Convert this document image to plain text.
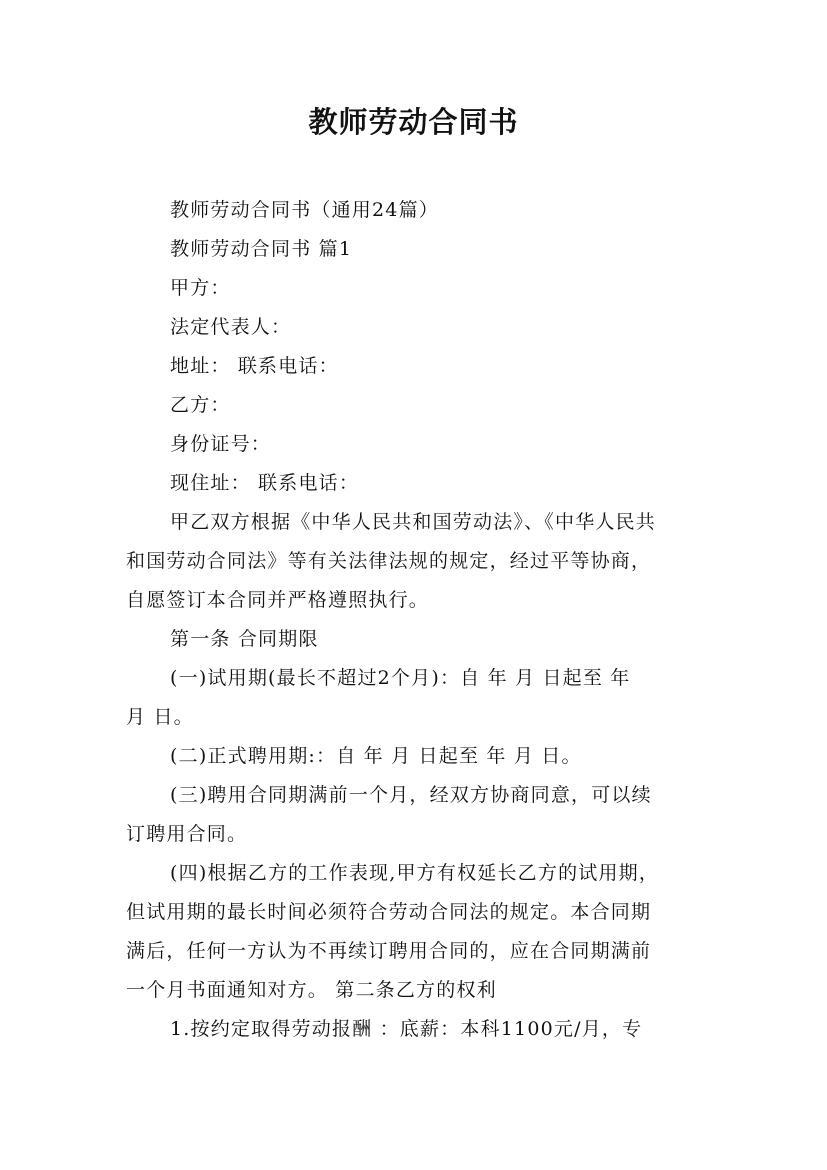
教师劳动合同书
教师劳动合同书（通用24篇）
教师劳动合同书 篇1
甲方：
法定代表人：
地址： 联系电话：
乙方：
身份证号：
现住址： 联系电话：
甲乙双方根据《中华人民共和国劳动法》、《中华人民共
和国劳动合同法》等有关法律法规的规定，经过平等协商，
自愿签订本合同并严格遵照执行。
第一条 合同期限
(一)试用期(最长不超过2个月)：自 年 月 日起至 年
月 日。
(二)正式聘用期:：自 年 月 日起至 年 月 日。
(三)聘用合同期满前一个月，经双方协商同意，可以续
订聘用合同。
(四)根据乙方的工作表现,甲方有权延长乙方的试用期，
但试用期的最长时间必须符合劳动合同法的规定。本合同期
满后，任何一方认为不再续订聘用合同的，应在合同期满前
一个月书面通知对方。 第二条乙方的权利
1.按约定取得劳动报酬 ：底薪：本科1100元/月，专
